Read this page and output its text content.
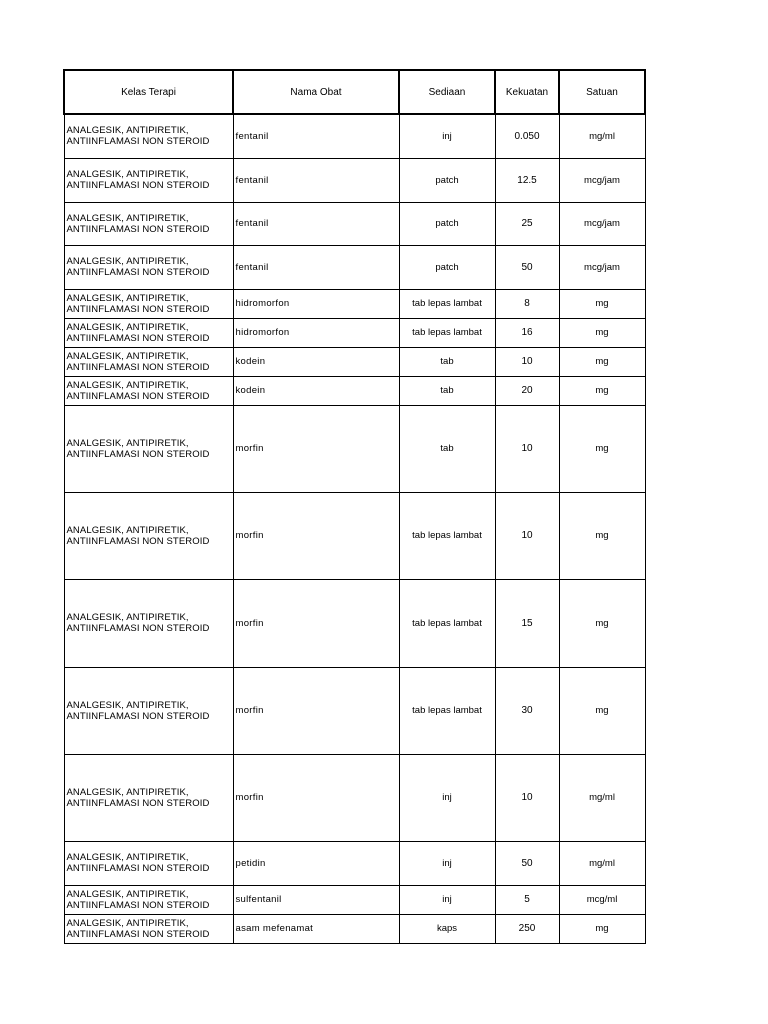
Kelas Terapi	Nama Obat	Sediaan	Kekuatan	Satuan

ANALGESIK, ANTIPIRETIK,
ANTIINFLAMASI NON STEROID	fentanil	inj	0.050	mg/ml

ANALGESIK, ANTIPIRETIK,
ANTIINFLAMASI NON STEROID	fentanil	patch	12.5	mcg/jam

ANALGESIK, ANTIPIRETIK,
ANTIINFLAMASI NON STEROID	fentanil	patch	25	mcg/jam

ANALGESIK, ANTIPIRETIK,
ANTIINFLAMASI NON STEROID	fentanil	patch	50	mcg/jam

ANALGESIK, ANTIPIRETIK,
ANTIINFLAMASI NON STEROID	hidromorfon	tab lepas lambat	8	mg

ANALGESIK, ANTIPIRETIK,
ANTIINFLAMASI NON STEROID	hidromorfon	tab lepas lambat	16	mg

ANALGESIK, ANTIPIRETIK,
ANTIINFLAMASI NON STEROID	kodein	tab	10	mg

ANALGESIK, ANTIPIRETIK,
ANTIINFLAMASI NON STEROID	kodein	tab	20	mg

ANALGESIK, ANTIPIRETIK,
ANTIINFLAMASI NON STEROID	morfin	tab	10	mg

ANALGESIK, ANTIPIRETIK,
ANTIINFLAMASI NON STEROID	morfin	tab lepas lambat	10	mg

ANALGESIK, ANTIPIRETIK,
ANTIINFLAMASI NON STEROID	morfin	tab lepas lambat	15	mg

ANALGESIK, ANTIPIRETIK,
ANTIINFLAMASI NON STEROID	morfin	tab lepas lambat	30	mg

ANALGESIK, ANTIPIRETIK,
ANTIINFLAMASI NON STEROID	morfin	inj	10	mg/ml

ANALGESIK, ANTIPIRETIK,
ANTIINFLAMASI NON STEROID	petidin	inj	50	mg/ml

ANALGESIK, ANTIPIRETIK,
ANTIINFLAMASI NON STEROID	sulfentanil	inj	5	mcg/ml

ANALGESIK, ANTIPIRETIK,
ANTIINFLAMASI NON STEROID	asam mefenamat	kaps	250	mg
